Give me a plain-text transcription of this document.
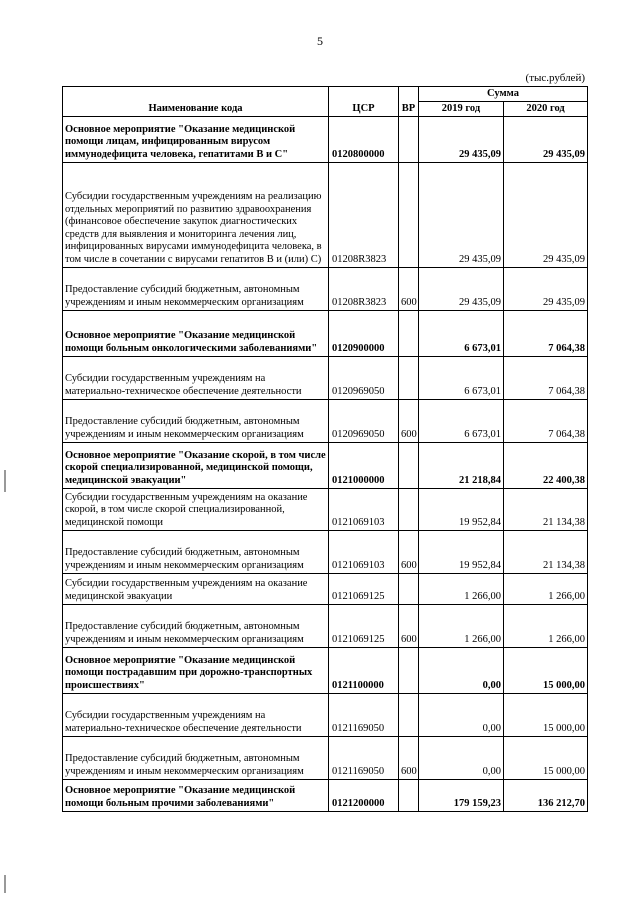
5
(тыс.рублей)
Наименование кода	ЦСР	ВР	Сумма	
			2019 год	2020 год
Основное мероприятие "Оказание медицинской помощи лицам, инфицированным вирусом иммунодефицита человека, гепатитами В и С"	0120800000		29 435,09	29 435,09
Субсидии государственным учреждениям на реализацию отдельных мероприятий по развитию здравоохранения (финансовое обеспечение закупок диагностических средств для выявления и мониторинга лечения лиц, инфицированных вирусами иммунодефицита человека, в том числе в сочетании с вирусами гепатитов В и (или) С)	01208R3823		29 435,09	29 435,09
Предоставление субсидий бюджетным, автономным учреждениям и иным некоммерческим организациям	01208R3823	600	29 435,09	29 435,09
Основное мероприятие "Оказание медицинской помощи больным онкологическими заболеваниями"	0120900000		6 673,01	7 064,38
Субсидии государственным учреждениям на материально-техническое обеспечение деятельности	0120969050		6 673,01	7 064,38
Предоставление субсидий бюджетным, автономным учреждениям и иным некоммерческим организациям	0120969050	600	6 673,01	7 064,38
Основное мероприятие "Оказание скорой, в том числе скорой специализированной, медицинской помощи, медицинской эвакуации"	0121000000		21 218,84	22 400,38
Субсидии государственным учреждениям на оказание скорой, в том числе скорой специализированной, медицинской помощи	0121069103		19 952,84	21 134,38
Предоставление субсидий бюджетным, автономным учреждениям и иным некоммерческим организациям	0121069103	600	19 952,84	21 134,38
Субсидии государственным учреждениям на оказание медицинской эвакуации	0121069125		1 266,00	1 266,00
Предоставление субсидий бюджетным, автономным учреждениям и иным некоммерческим организациям	0121069125	600	1 266,00	1 266,00
Основное мероприятие "Оказание медицинской помощи пострадавшим при дорожно-транспортных происшествиях"	0121100000		0,00	15 000,00
Субсидии государственным учреждениям на материально-техническое обеспечение деятельности	0121169050		0,00	15 000,00
Предоставление субсидий бюджетным, автономным учреждениям и иным некоммерческим организациям	0121169050	600	0,00	15 000,00
Основное мероприятие "Оказание медицинской помощи больным прочими заболеваниями"	0121200000		179 159,23	136 212,70
